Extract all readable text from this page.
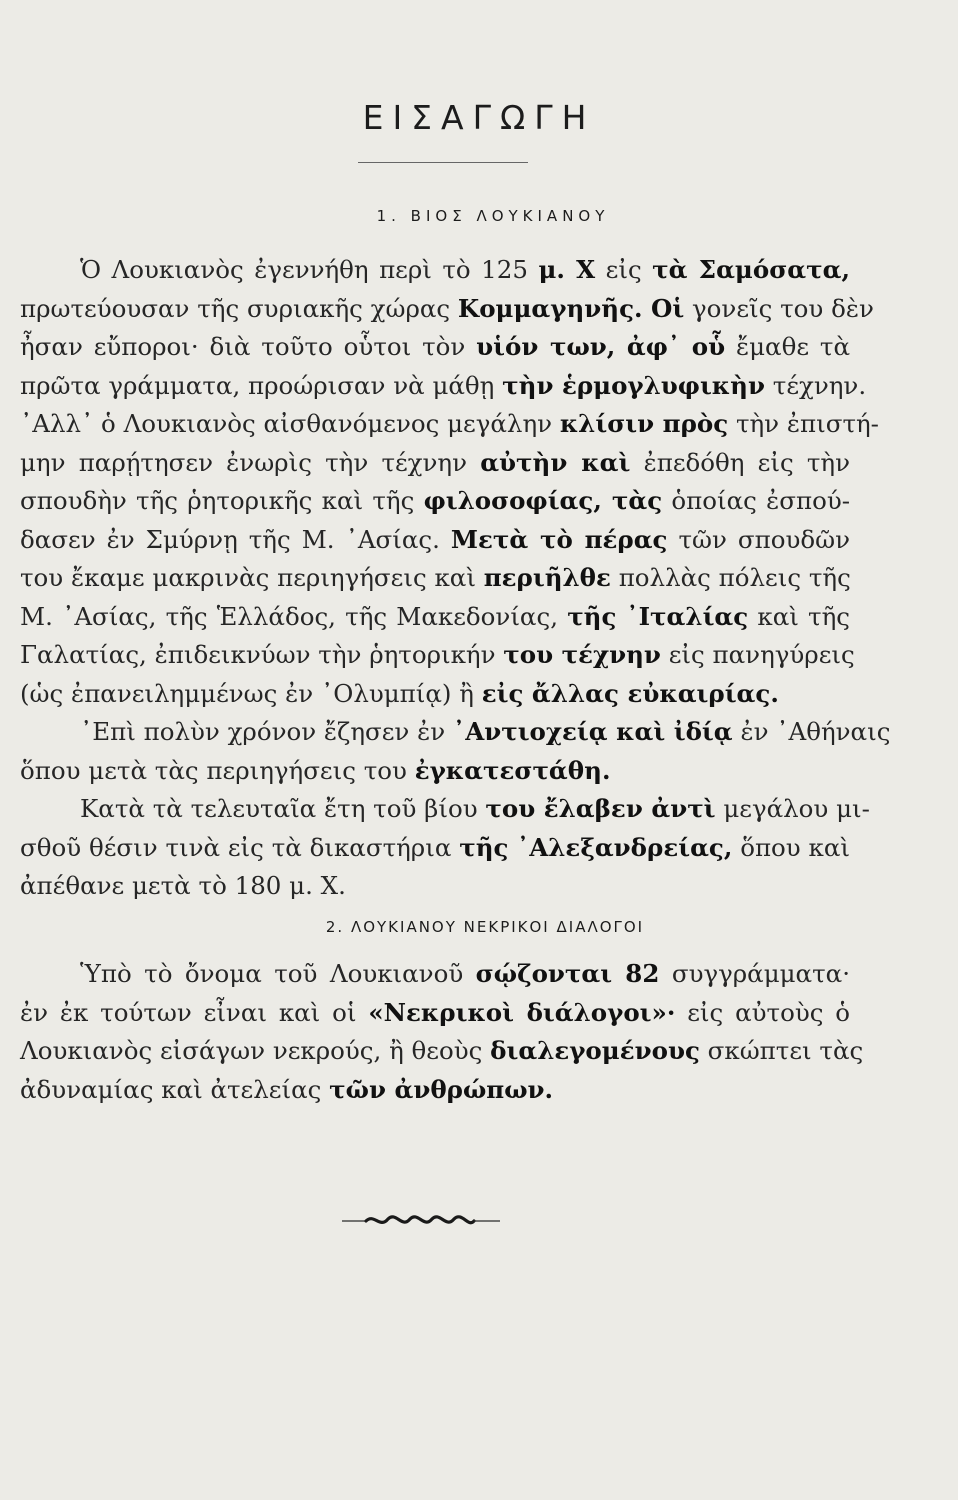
ΕΙΣΑΓΩΓΗ
1. ΒΙΟΣ ΛΟΥΚΙΑΝΟΥ
Ὁ Λουκιανὸς ἐγεννήθη περὶ τὸ 125 μ. Χ εἰς τὰ Σαμόσατα,
πρωτεύουσαν τῆς συριακῆς χώρας Κομμαγηνῆς. Οἱ γονεῖς του δὲν
ἦσαν εὔποροι· διὰ τοῦτο οὗτοι τὸν υἱόν των, ἀφ᾽ οὗ ἔμαθε τὰ
πρῶτα γράμματα, προώρισαν νὰ μάθῃ τὴν ἑρμογλυφικὴν τέχνην.
᾿Αλλ᾽ ὁ Λουκιανὸς αἰσθανόμενος μεγάλην κλίσιν πρὸς τὴν ἐπιστή-
μην παρῄτησεν ἐνωρὶς τὴν τέχνην αὐτὴν καὶ ἐπεδόθη εἰς τὴν
σπουδὴν τῆς ῥητορικῆς καὶ τῆς φιλοσοφίας, τὰς ὁποίας ἐσπού-
δασεν ἐν Σμύρνῃ τῆς Μ. ᾿Ασίας. Μετὰ τὸ πέρας τῶν σπουδῶν
του ἔκαμε μακρινὰς περιηγήσεις καὶ περιῆλθε πολλὰς πόλεις τῆς
Μ. ᾿Ασίας, τῆς Ἑλλάδος, τῆς Μακεδονίας, τῆς ᾿Ιταλίας καὶ τῆς
Γαλατίας, ἐπιδεικνύων τὴν ῥητορικήν του τέχνην εἰς πανηγύρεις
(ὡς ἐπανειλημμένως ἐν ᾿Ολυμπίᾳ) ἢ εἰς ἄλλας εὐκαιρίας.
᾿Επὶ πολὺν χρόνον ἔζησεν ἐν ᾿Αντιοχείᾳ καὶ ἰδίᾳ ἐν ᾿Αθήναις
ὅπου μετὰ τὰς περιηγήσεις του ἐγκατεστάθη.
Κατὰ τὰ τελευταῖα ἔτη τοῦ βίου του ἔλαβεν ἀντὶ μεγάλου μι-
σθοῦ θέσιν τινὰ εἰς τὰ δικαστήρια τῆς ᾿Αλεξανδρείας, ὅπου καὶ
ἀπέθανε μετὰ τὸ 180 μ. Χ.
2. ΛΟΥΚΙΑΝΟΥ ΝΕΚΡΙΚΟΙ ΔΙΑΛΟΓΟΙ
Ὑπὸ τὸ ὄνομα τοῦ Λουκιανοῦ σῴζονται 82 συγγράμματα·
ἐν ἐκ τούτων εἶναι καὶ οἱ «Νεκρικοὶ διάλογοι»· εἰς αὐτοὺς ὁ
Λουκιανὸς εἰσάγων νεκρούς, ἢ θεοὺς διαλεγομένους σκώπτει τὰς
ἀδυναμίας καὶ ἀτελείας τῶν ἀνθρώπων.
